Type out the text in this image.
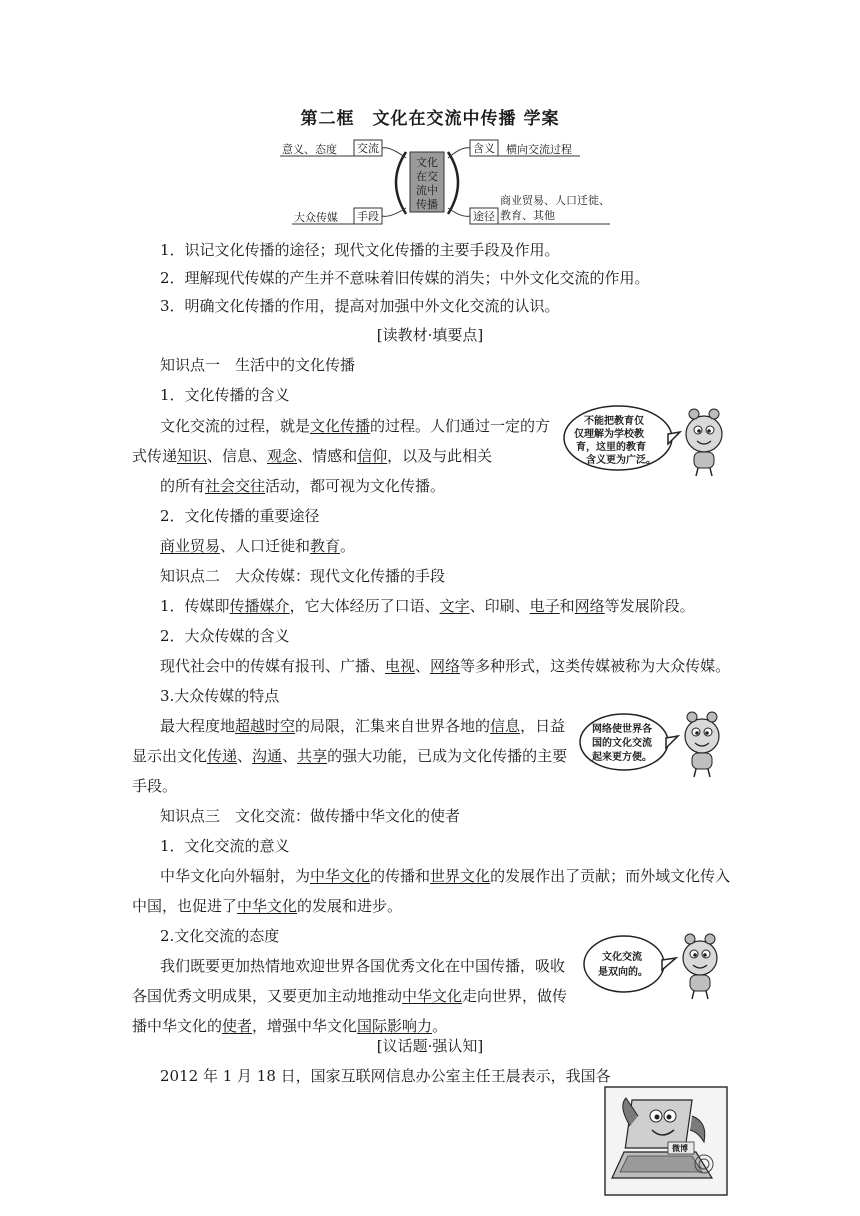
第二框　文化在交流中传播 学案
文化
在交
流中
传播
交流
意义、态度
手段
大众传媒
含义 横向交流过程
途径
商业贸易、人口迁徙、
教育、其他
1．识记文化传播的途径；现代文化传播的主要手段及作用。
2．理解现代传媒的产生并不意味着旧传媒的消失；中外文化交流的作用。
3．明确文化传播的作用，提高对加强中外文化交流的认识。
[读教材·填要点]
知识点一　生活中的文化传播
1．文化传播的含义
文化交流的过程，就是文化传播的过程。人们通过一定的方
式传递知识、信息、观念、情感和信仰，以及与此相关
的所有社会交往活动，都可视为文化传播。
2．文化传播的重要途径
商业贸易、人口迁徙和教育。
不能把教育仅
仅理解为学校教
育，这里的教育
含义更为广泛。
知识点二　大众传媒：现代文化传播的手段
1．传媒即传播媒介，它大体经历了口语、文字、印刷、电子和网络等发展阶段。
2．大众传媒的含义
现代社会中的传媒有报刊、广播、电视、网络等多种形式，这类传媒被称为大众传媒。
3.大众传媒的特点
最大程度地超越时空的局限，汇集来自世界各地的信息，日益
显示出文化传递、沟通、共享的强大功能，已成为文化传播的主要
手段。
网络使世界各
国的文化交流
起来更方便。
知识点三　文化交流：做传播中华文化的使者
1．文化交流的意义
中华文化向外辐射，为中华文化的传播和世界文化的发展作出了贡献；而外域文化传入
中国，也促进了中华文化的发展和进步。
2.文化交流的态度
我们既要更加热情地欢迎世界各国优秀文化在中国传播，吸收
各国优秀文明成果，又要更加主动地推动中华文化走向世界，做传
播中华文化的使者，增强中华文化国际影响力。
文化交流
是双向的。
[议话题·强认知]
2012 年 1 月 18 日，国家互联网信息办公室主任王晨表示，我国各
微博
